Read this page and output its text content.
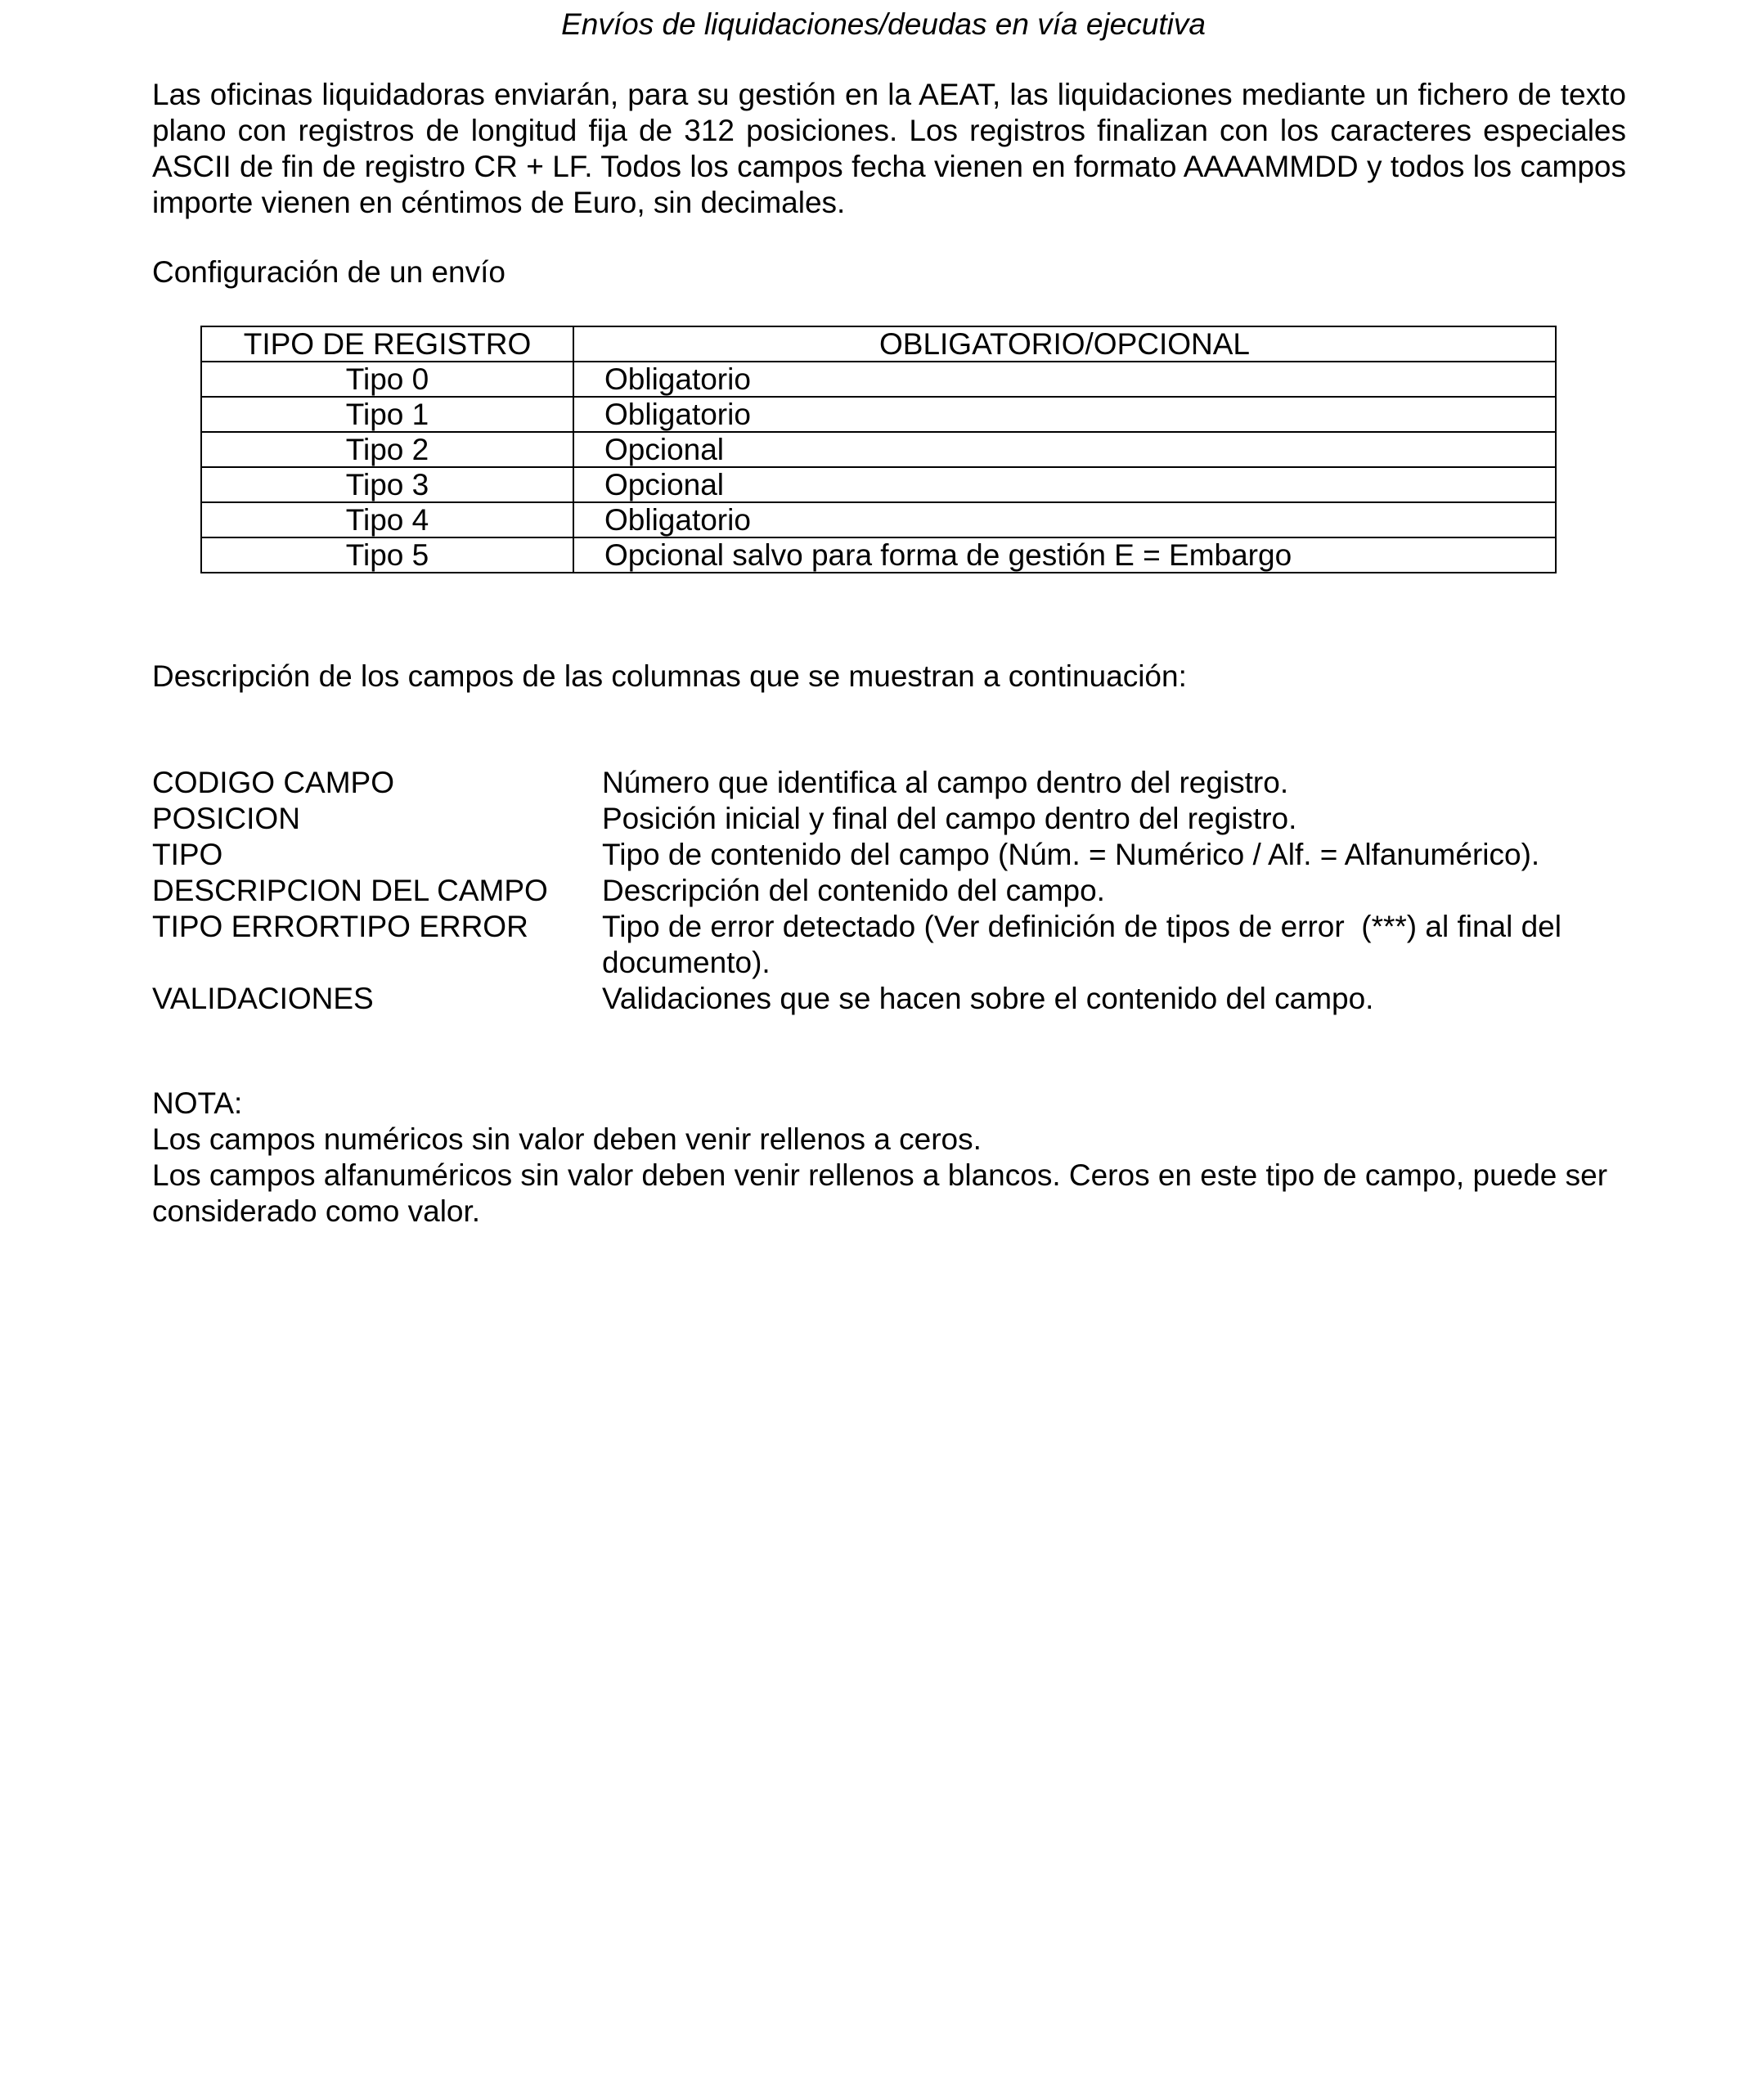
Envíos de liquidaciones/deudas en vía ejecutiva

Las oficinas liquidadoras enviarán, para su gestión en la AEAT, las liquidaciones mediante un fichero de texto plano con registros de longitud fija de 312 posiciones. Los registros finalizan con los caracteres especiales ASCII de fin de registro CR + LF. Todos los campos fecha vienen en formato AAAAMMDD y todos los campos importe vienen en céntimos de Euro, sin decimales.

Configuración de un envío
TIPO DE REGISTRO	OBLIGATORIO/OPCIONAL
Tipo 0	Obligatorio
Tipo 1	Obligatorio
Tipo 2	Opcional
Tipo 3	Opcional
Tipo 4	Obligatorio
Tipo 5	Opcional salvo para forma de gestión E = Embargo
Descripción de los campos de las columnas que se muestran a continuación:
CODIGO CAMPO	Número que identifica al campo dentro del registro.
POSICION	Posición inicial y final del campo dentro del registro.
TIPO	Tipo de contenido del campo (Núm. = Numérico / Alf. = Alfanumérico).
DESCRIPCION DEL CAMPO	Descripción del contenido del campo.
TIPO ERRORTIPO ERROR	Tipo de error detectado (Ver definición de tipos de error  (***) al final del documento).
VALIDACIONES	Validaciones que se hacen sobre el contenido del campo.
NOTA:
Los campos numéricos sin valor deben venir rellenos a ceros.
Los campos alfanuméricos sin valor deben venir rellenos a blancos. Ceros en este tipo de campo, puede ser considerado como valor.
